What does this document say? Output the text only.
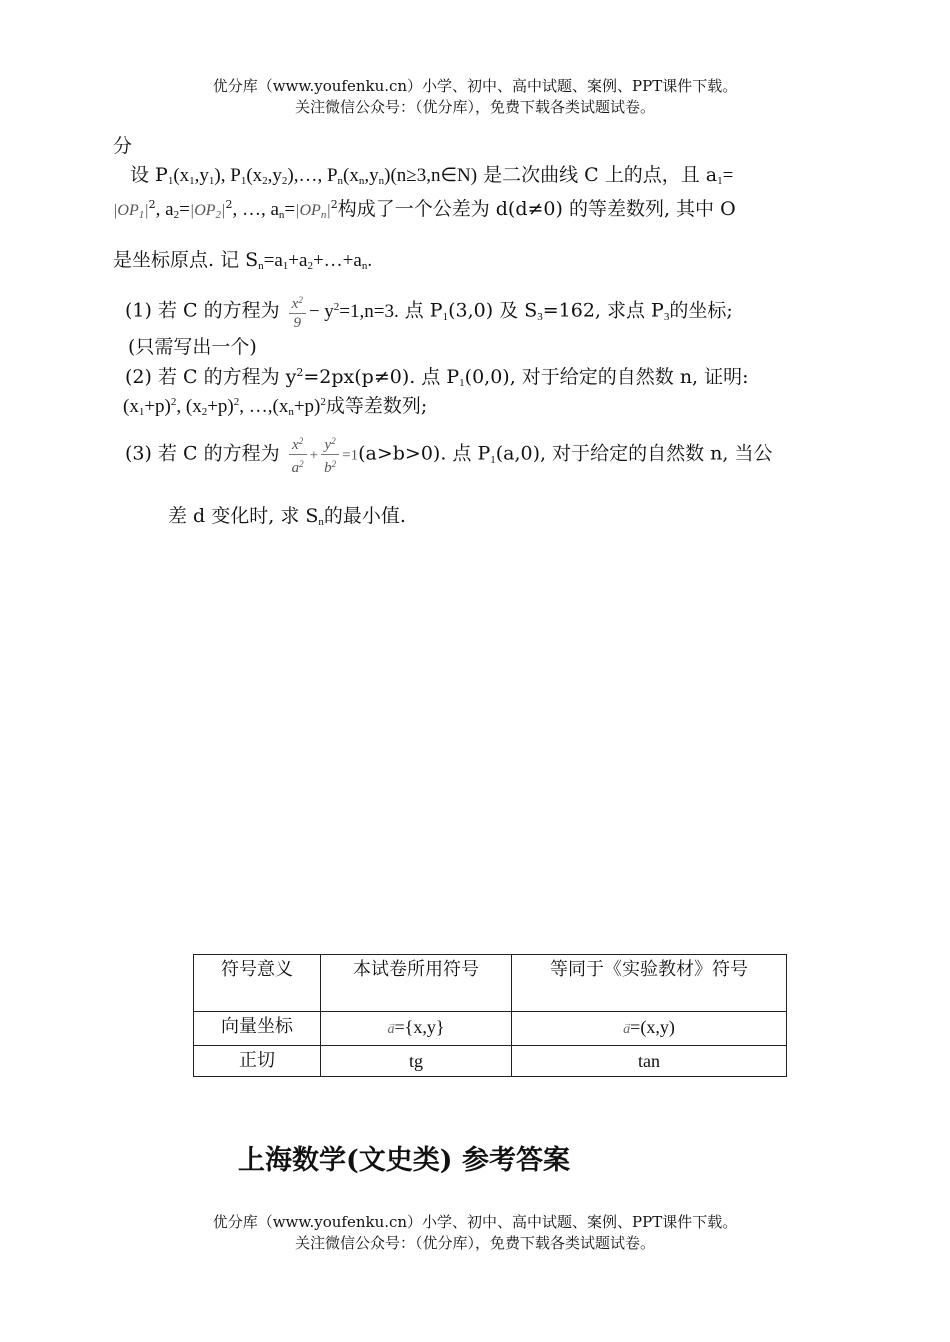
优分库（www.youfenku.cn）小学、初中、高中试题、案例、PPT课件下载。
关注微信公众号：（优分库），免费下载各类试题试卷。
分
设 $P_1(x_1,y_1)$, $P_1(x_2,y_2),\dots$, $P_n(x_n,y_n)(n\ge 3,n\in N)$ 是二次曲线 C 上的点，且 $a_1=$
$|OP_1|^2$, $a_2=|OP_2|^2$, …, $a_n=|OP_n|^2$构成了一个公差为 d(d≠0) 的等差数列, 其中 O
是坐标原点. 记 $S_n=a_1+a_2+\dots+a_n$.
(1) 若 C 的方程为 $\frac{x^2}{9} - y^2=1,n=3$. 点 $P_1(3,0)$ 及 $S_3=162$, 求点 $P_3$的坐标;
(只需写出一个)
(2) 若 C 的方程为 $y^2=2px(p\ne 0)$. 点 $P_1(0,0)$, 对于给定的自然数 n, 证明:
$(x_1+p)^2$, $(x_2+p)^2$, $\dots,(x_n+p)^2$成等差数列;
(3) 若 C 的方程为 $\frac{x^2}{a^2} + \frac{y^2}{b^2} =1(a>b>0)$. 点 $P_1(a,0)$, 对于给定的自然数 n, 当公
差 d 变化时, 求 $S_n$的最小值.
符号意义	本试卷所用符号	等同于《实验教材》符号
向量坐标	→ a={x,y}	→ a=(x,y)
正切	tg	tan
上海数学(文史类) 参考答案
优分库（www.youfenku.cn）小学、初中、高中试题、案例、PPT课件下载。
关注微信公众号：（优分库），免费下载各类试题试卷。
